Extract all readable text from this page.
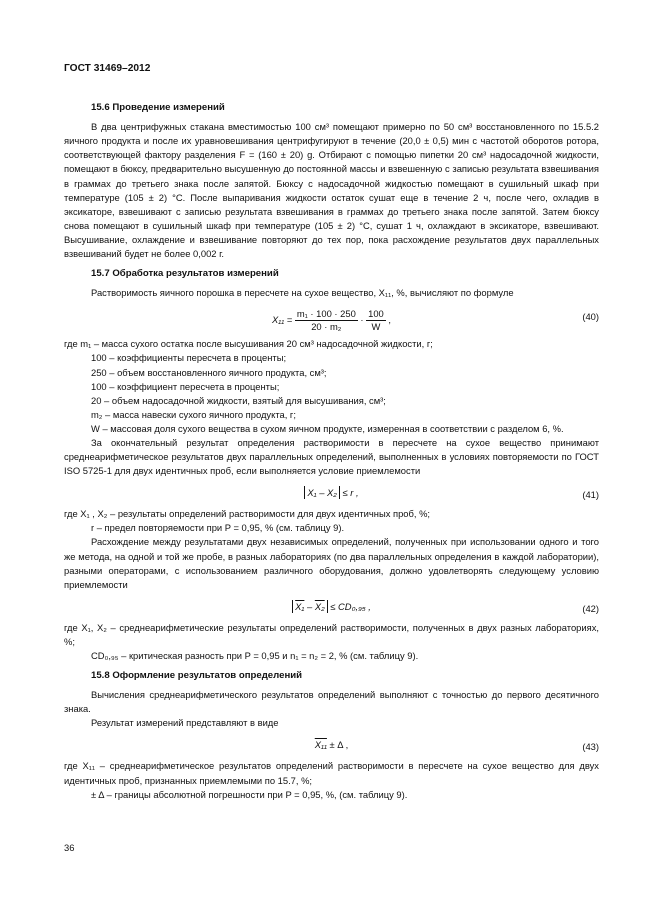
ГОСТ 31469–2012
15.6 Проведение измерений

В два центрифужных стакана вместимостью 100 см³ помещают примерно по 50 см³ восстановленного по 15.5.2 яичного продукта и после их уравновешивания центрифугируют в течение (20,0 ± 0,5) мин с частотой оборотов ротора, соответствующей фактору разделения F = (160 ± 20) g. Отбирают с помощью пипетки 20 см³ надосадочной жидкости, помещают в бюксу, предварительно высушенную до постоянной массы и взвешенную с записью результата взвешивания в граммах до третьего знака после запятой. Бюксу с надосадочной жидкостью помещают в сушильный шкаф при температуре (105 ± 2) °С. После выпаривания жидкости остаток сушат еще в течение 2 ч, после чего, охладив в эксикаторе, взвешивают с записью результата взвешивания в граммах до третьего знака после запятой. Затем бюксу снова помещают в сушильный шкаф при температуре (105 ± 2) °С, сушат 1 ч, охлаждают в эксикаторе, взвешивают. Высушивание, охлаждение и взвешивание повторяют до тех пор, пока расхождение результатов двух параллельных взвешиваний будет не более 0,002 г.

15.7 Обработка результатов измерений

Растворимость яичного порошка в пересчете на сухое вещество, X₁₁, %, вычисляют по формуле

$X_{11} = \frac{\text{m₁ · 100 · 250}}{\text{20 · m₂}} \cdot \frac{100}{W}$ ,	(40)

где m₁ – масса сухого остатка после высушивания 20 см³ надосадочной жидкости, г;

100 – коэффициенты пересчета в проценты;

250 – объем восстановленного яичного продукта, см³;

100 – коэффициент пересчета в проценты;

20 – объем надосадочной жидкости, взятый для высушивания, см³;

m₂ – масса навески сухого яичного продукта, г;

W – массовая доля сухого вещества в сухом яичном продукте, измеренная в соответствии с разделом 6, %.

За окончательный результат определения растворимости в пересчете на сухое вещество принимают среднеарифметическое результатов двух параллельных определений, выполненных в условиях повторяемости по ГОСТ ISO 5725-1 для двух идентичных проб, если выполняется условие приемлемости

X₁ – X₂ ≤ r ,	(41)

где X₁ , X₂ – результаты определений растворимости для двух идентичных проб, %;

r – предел повторяемости при P = 0,95, % (см. таблицу 9).

Расхождение между результатами двух независимых определений, полученных при использовании одного и того же метода, на одной и той же пробе, в разных лабораториях (по два параллельных определения в каждой лаборатории), разными операторами, с использованием различного оборудования, должно удовлетворять следующему условию приемлемости

X₁ – X₂ ≤ CD₀,₉₅ ,	(42)

где X₁, X₂ – среднеарифметические результаты определений растворимости, полученных в двух разных лабораториях, %;

CD₀,₉₅ – критическая разность при P = 0,95 и n₁ = n₂ = 2, % (см. таблицу 9).

15.8 Оформление результатов определений

Вычисления среднеарифметического результатов определений выполняют с точностью до первого десятичного знака.

Результат измерений представляют в виде

X₁₁ ± Δ ,	(43)

где X₁₁ – среднеарифметическое результатов определений растворимости в пересчете на сухое вещество для двух идентичных проб, признанных приемлемыми по 15.7, %;

± Δ – границы абсолютной погрешности при P = 0,95, %, (см. таблицу 9).

36
